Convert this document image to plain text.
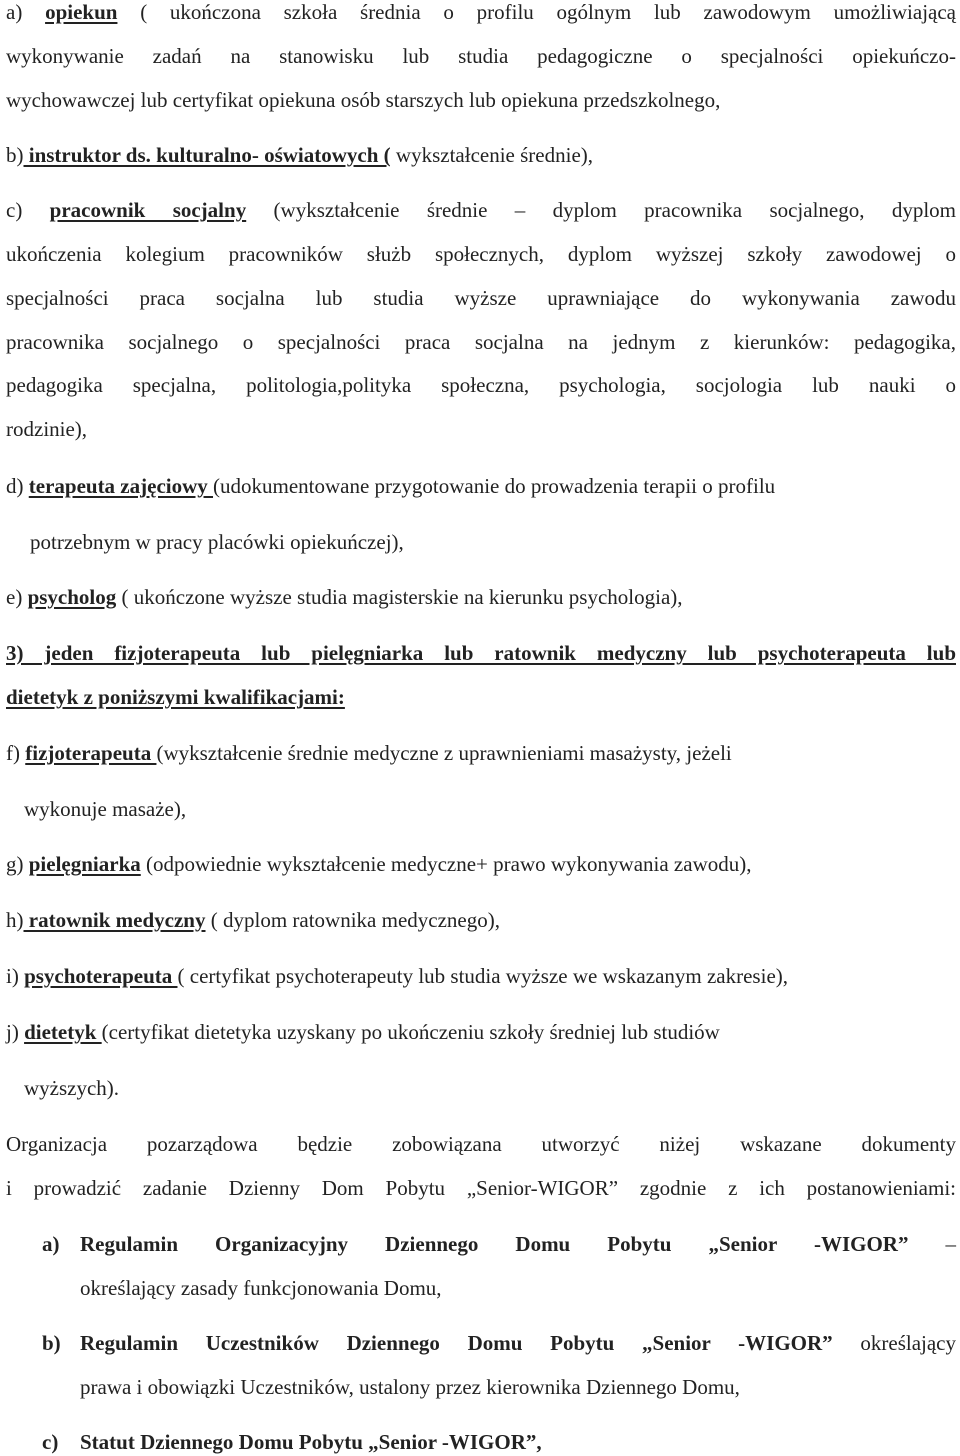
a) opiekun ( ukończona szkoła średnia o profilu ogólnym lub zawodowym umożliwiającą
wykonywanie zadań na stanowisku lub studia pedagogiczne o specjalności opiekuńczo-
wychowawczej lub certyfikat opiekuna osób starszych lub opiekuna przedszkolnego,
b) instruktor ds. kulturalno- oświatowych ( wykształcenie średnie),
c) pracownik socjalny (wykształcenie średnie – dyplom pracownika socjalnego, dyplom
ukończenia kolegium pracowników służb społecznych, dyplom wyższej szkoły zawodowej o
specjalności praca socjalna lub studia wyższe uprawniające do wykonywania zawodu
pracownika socjalnego o specjalności praca socjalna na jednym z kierunków: pedagogika,
pedagogika specjalna, politologia,polityka społeczna, psychologia, socjologia lub nauki o
rodzinie),
d) terapeuta zajęciowy (udokumentowane przygotowanie do prowadzenia terapii o profilu
potrzebnym w pracy placówki opiekuńczej),
e) psycholog ( ukończone wyższe studia magisterskie na kierunku psychologia),
3) jeden fizjoterapeuta lub pielęgniarka lub ratownik medyczny lub psychoterapeuta lub
dietetyk z poniższymi kwalifikacjami:
f) fizjoterapeuta (wykształcenie średnie medyczne z uprawnieniami masażysty, jeżeli
wykonuje masaże),
g) pielęgniarka (odpowiednie wykształcenie medyczne+ prawo wykonywania zawodu),
h) ratownik medyczny ( dyplom ratownika medycznego),
i) psychoterapeuta ( certyfikat psychoterapeuty lub studia wyższe we wskazanym zakresie),
j) dietetyk (certyfikat dietetyka uzyskany po ukończeniu szkoły średniej lub studiów
wyższych).
Organizacja pozarządowa będzie zobowiązana utworzyć niżej wskazane dokumenty
i prowadzić zadanie Dzienny Dom Pobytu „Senior-WIGOR” zgodnie z ich postanowieniami:
a) Regulamin Organizacyjny Dziennego Domu Pobytu „Senior -WIGOR” –
określający zasady funkcjonowania Domu,
b) Regulamin Uczestników Dziennego Domu Pobytu „Senior -WIGOR” określający
prawa i obowiązki Uczestników, ustalony przez kierownika Dziennego Domu,
c) Statut Dziennego Domu Pobytu „Senior -WIGOR”,
